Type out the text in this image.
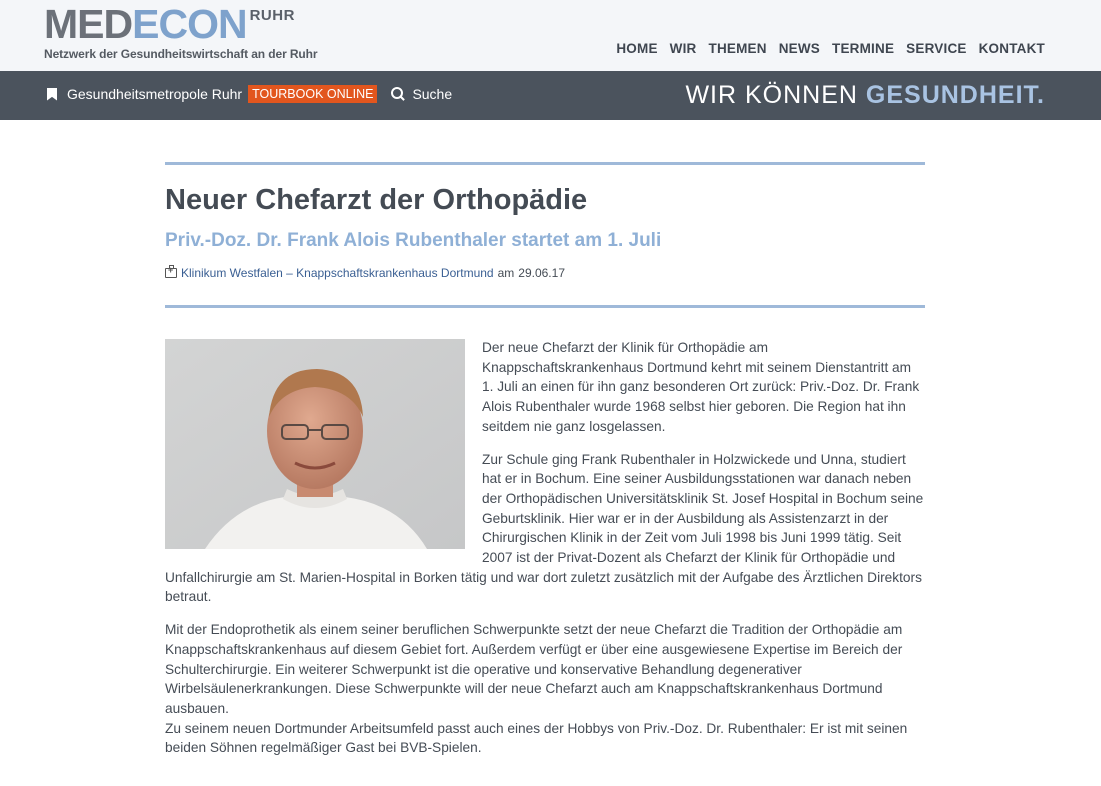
MED ECON RUHR
Netzwerk der Gesundheitswirtschaft an der Ruhr	HOME WIR THEMEN NEWS TERMINE SERVICE KONTAKT
Gesundheitsmetropole Ruhr TOURBOOK ONLINE	Suche	WIR KÖNNEN GESUNDHEIT.
Neuer Chefarzt der Orthopädie
Priv.-Doz. Dr. Frank Alois Rubenthaler startet am 1. Juli
+
Klinikum Westfalen – Knappschaftskrankenhaus Dortmund am 29.06.17

Der neue Chefarzt der Klinik für Orthopädie am Knappschaftskrankenhaus Dortmund kehrt mit seinem Dienstantritt am 1. Juli an einen für ihn ganz besonderen Ort zurück: Priv.-Doz. Dr. Frank Alois Rubenthaler wurde 1968 selbst hier geboren. Die Region hat ihn seitdem nie ganz losgelassen.

Zur Schule ging Frank Rubenthaler in Holzwickede und Unna, studiert hat er in Bochum. Eine seiner Ausbildungsstationen war danach neben der Orthopädischen Universitätsklinik St. Josef Hospital in Bochum seine Geburtsklinik. Hier war er in der Ausbildung als Assistenzarzt in der Chirurgischen Klinik in der Zeit vom Juli 1998 bis Juni 1999 tätig. Seit 2007 ist der Privat-Dozent als Chefarzt der Klinik für Orthopädie und Unfallchirurgie am St. Marien-Hospital in Borken tätig und war dort zuletzt zusätzlich mit der Aufgabe des Ärztlichen Direktors betraut.

Mit der Endoprothetik als einem seiner beruflichen Schwerpunkte setzt der neue Chefarzt die Tradition der Orthopädie am Knappschaftskrankenhaus auf diesem Gebiet fort. Außerdem verfügt er über eine ausgewiesene Expertise im Bereich der Schulterchirurgie. Ein weiterer Schwerpunkt ist die operative und konservative Behandlung degenerativer Wirbelsäulenerkrankungen. Diese Schwerpunkte will der neue Chefarzt auch am Knappschaftskrankenhaus Dortmund ausbauen.

Zu seinem neuen Dortmunder Arbeitsumfeld passt auch eines der Hobbys von Priv.-Doz. Dr. Rubenthaler: Er ist mit seinen beiden Söhnen regelmäßiger Gast bei BVB-Spielen.
